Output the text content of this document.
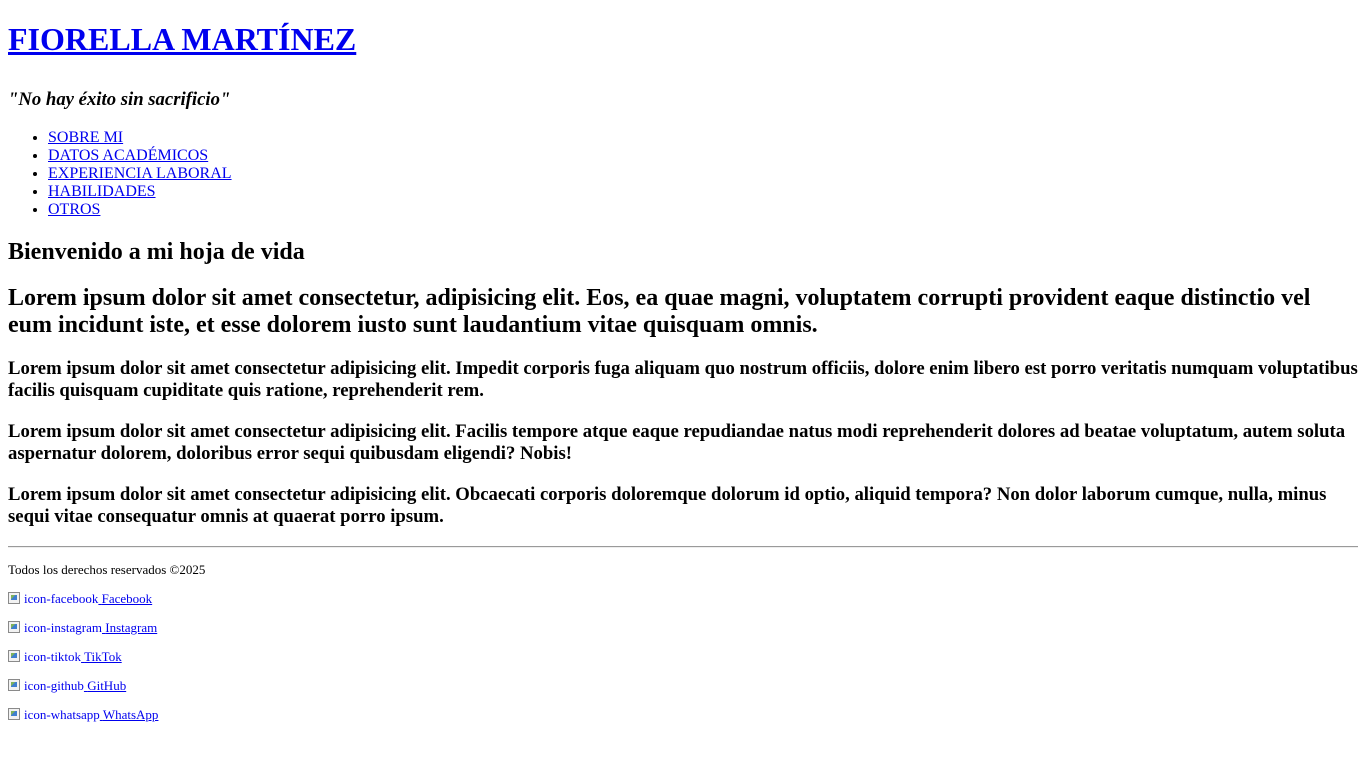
FIORELLA MARTÍNEZ

"No hay éxito sin sacrificio"

• SOBRE MI
• DATOS ACADÉMICOS
• EXPERIENCIA LABORAL
• HABILIDADES
• OTROS
Bienvenido a mi hoja de vida
Lorem ipsum dolor sit amet consectetur, adipisicing elit. Eos, ea quae magni, voluptatem corrupti provident eaque distinctio vel eum incidunt iste, et esse dolorem iusto sunt laudantium vitae quisquam omnis.
Lorem ipsum dolor sit amet consectetur adipisicing elit. Impedit corporis fuga aliquam quo nostrum officiis, dolore enim libero est porro veritatis numquam voluptatibus facilis quisquam cupiditate quis ratione, reprehenderit rem.
Lorem ipsum dolor sit amet consectetur adipisicing elit. Facilis tempore atque eaque repudiandae natus modi reprehenderit dolores ad beatae voluptatum, autem soluta aspernatur dolorem, doloribus error sequi quibusdam eligendi? Nobis!
Lorem ipsum dolor sit amet consectetur adipisicing elit. Obcaecati corporis doloremque dolorum id optio, aliquid tempora? Non dolor laborum cumque, nulla, minus sequi vitae consequatur omnis at quaerat porro ipsum.

Todos los derechos reservados ©2025

icon-facebook Facebook

icon-instagram Instagram

icon-tiktok TikTok

icon-github GitHub

icon-whatsapp WhatsApp
